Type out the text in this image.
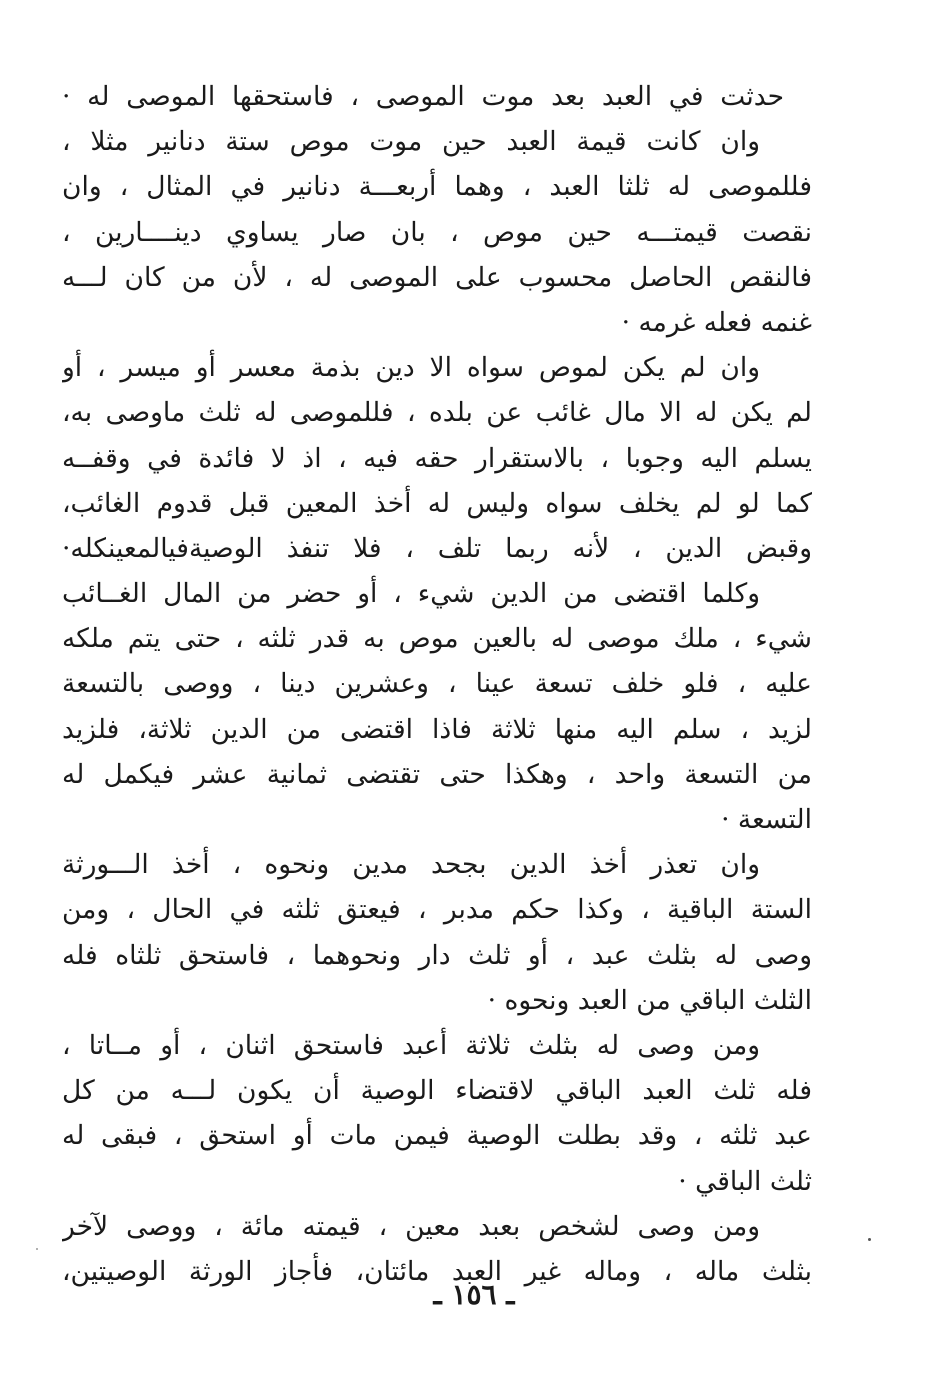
حدثت في العبد بعد موت الموصى ، فاستحقها الموصى له ·
وان كانت قيمة العبد حين موت موص ستة دنانير مثلا ،
فللموصى له ثلثا العبد ، وهما أربعـــة دنانير في المثال ، وان
نقصت قيمتـــه حين موص ، بان صار يساوي دينــــارين ،
فالنقص الحاصل محسوب على الموصى له ، لأن من كان لـــه
غنمه فعله غرمه ·
وان لم يكن لموص سواه الا دين بذمة معسر أو ميسر ، أو
لم يكن له الا مال غائب عن بلده ، فللموصى له ثلث ماوصى به،
يسلم اليه وجوبا ، بالاستقرار حقه فيه ، اذ لا فائدة في وقفــه
كما لو لم يخلف سواه وليس له أخذ المعين قبل قدوم الغائب،
وقبض الدين ، لأنه ربما تلف ، فلا تنفذ الوصيةفيالمعينكله·
وكلما اقتضى من الدين شيء ، أو حضر من المال الغــائب
شيء ، ملك موصى له بالعين موص به قدر ثلثه ، حتى يتم ملكه
عليه ، فلو خلف تسعة عينا ، وعشرين دينا ، ووصى بالتسعة
لزيد ، سلم اليه منها ثلاثة فاذا اقتضى من الدين ثلاثة، فلزيد
من التسعة واحد ، وهكذا حتى تقتضى ثمانية عشر فيكمل له
التسعة ·
وان تعذر أخذ الدين بجحد مدين ونحوه ، أخذ الـــورثة
الستة الباقية ، وكذا حكم مدبر ، فيعتق ثلثه في الحال ، ومن
وصى له بثلث عبد ، أو ثلث دار ونحوهما ، فاستحق ثلثاه فله
الثلث الباقي من العبد ونحوه ·
ومن وصى له بثلث ثلاثة أعبد فاستحق اثنان ، أو مــاتا ،
فله ثلث العبد الباقي لاقتضاء الوصية أن يكون لـــه من كل
عبد ثلثه ، وقد بطلت الوصية فيمن مات أو استحق ، فبقى له
ثلث الباقي ·
ومن وصى لشخص بعبد معين ، قيمته مائة ، ووصى لآخر
بثلث ماله ، وماله غير العبد مائتان، فأجاز الورثة الوصيتين،
ـ ١٥٦ ـ
